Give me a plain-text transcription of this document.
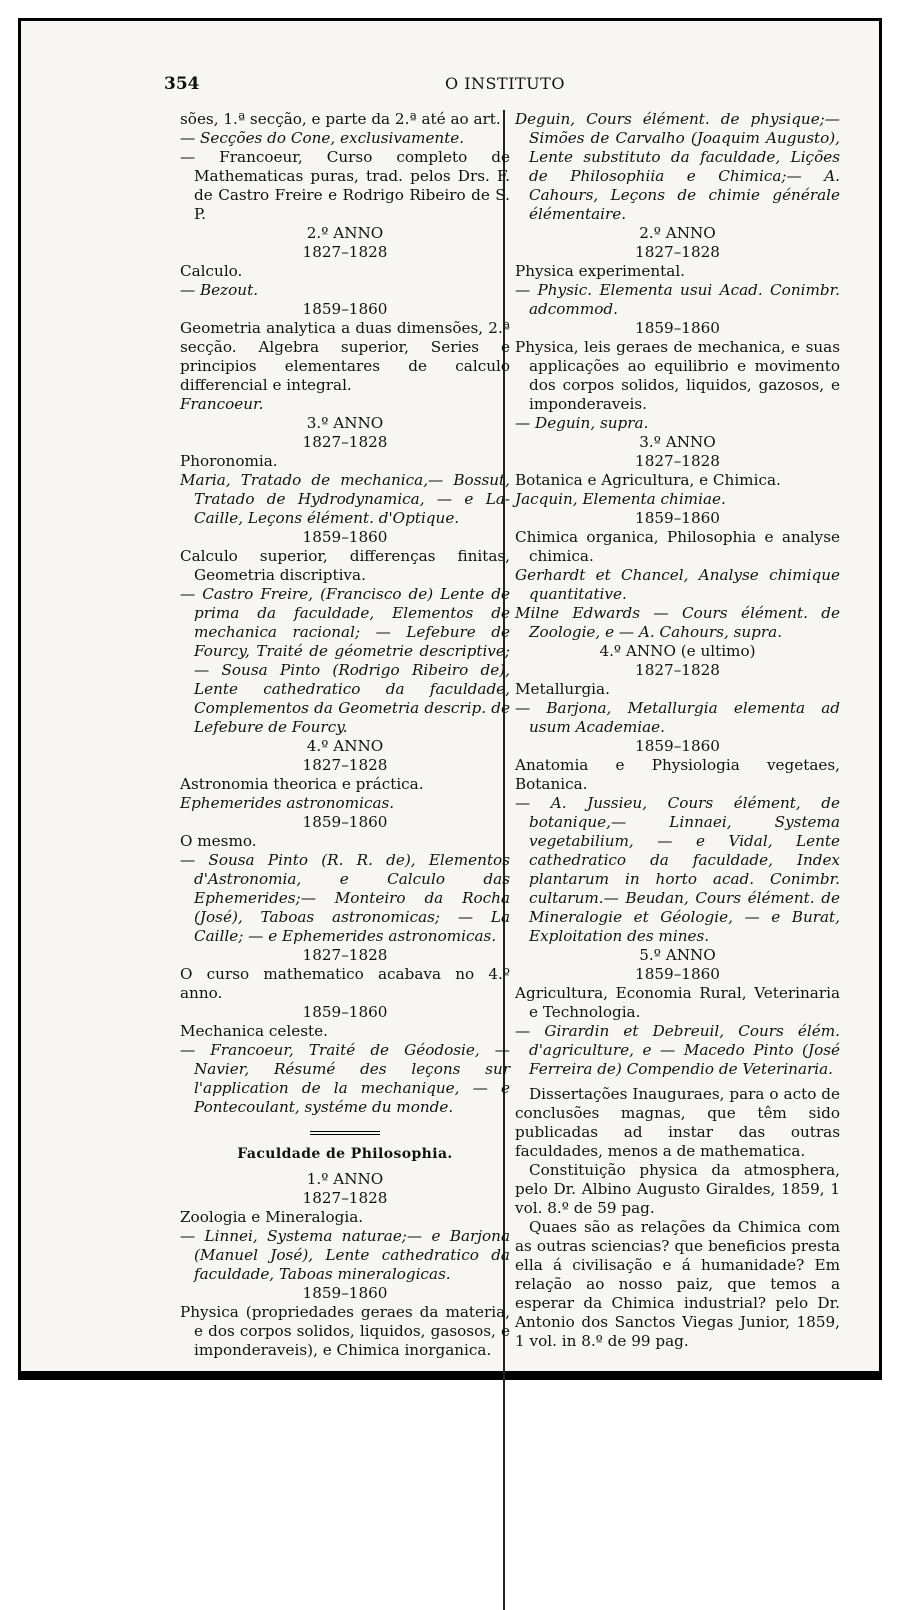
354	O INSTITUTO

sões, 1.ª secção, e parte da 2.ª até ao art.

— Secções do Cone, exclusivamente.

— Francoeur, Curso completo de Mathematicas puras, trad. pelos Drs. F. de Castro Freire e Rodrigo Ribeiro de S. P.

2.º ANNO

1827–1828

Calculo.

— Bezout.

1859–1860

Geometria analytica a duas dimensões, 2.ª secção. Algebra superior, Series e principios elementares de calculo differencial e integral.

Francoeur.

3.º ANNO

1827–1828

Phoronomia.

Maria, Tratado de mechanica,— Bossut, Tratado de Hydrodynamica, — e La-Caille, Leçons élément. d'Optique.

1859–1860

Calculo superior, differenças finitas, Geometria discriptiva.

— Castro Freire, (Francisco de) Lente de prima da faculdade, Elementos de mechanica racional; — Lefebure de Fourcy, Traité de géometrie descriptive; — Sousa Pinto (Rodrigo Ribeiro de), Lente cathedratico da faculdade, Complementos da Geometria descrip. de Lefebure de Fourcy.

4.º ANNO

1827–1828

Astronomia theorica e práctica.

Ephemerides astronomicas.

1859–1860

O mesmo.

— Sousa Pinto (R. R. de), Elementos d'Astronomia, e Calculo das Ephemerides;— Monteiro da Rocha (José), Taboas astronomicas; — La Caille; — e Ephemerides astronomicas.

1827–1828

O curso mathematico acabava no 4.º anno.

1859–1860

Mechanica celeste.

— Francoeur, Traité de Géodosie, — Navier, Résumé des leçons sur l'application de la mechanique, — e Pontecoulant, systéme du monde.

Faculdade de Philosophia.

1.º ANNO

1827–1828

Zoologia e Mineralogia.

— Linnei, Systema naturae;— e Barjona (Manuel José), Lente cathedratico da faculdade, Taboas mineralogicas.

1859–1860

Physica (propriedades geraes da materia, e dos corpos solidos, liquidos, gasosos, e imponderaveis), e Chimica inorganica.

Deguin, Cours élément. de physique;— Simões de Carvalho (Joaquim Augusto), Lente substituto da faculdade, Lições de Philosophiia e Chimica;— A. Cahours, Leçons de chimie générale élémentaire.

2.º ANNO

1827–1828

Physica experimental.

— Physic. Elementa usui Acad. Conimbr. adcommod.

1859–1860

Physica, leis geraes de mechanica, e suas applicações ao equilibrio e movimento dos corpos solidos, liquidos, gazosos, e imponderaveis.

— Deguin, supra.

3.º ANNO

1827–1828

Botanica e Agricultura, e Chimica.

Jacquin, Elementa chimiae.

1859–1860

Chimica organica, Philosophia e analyse chimica.

Gerhardt et Chancel, Analyse chimique quantitative.

Milne Edwards — Cours élément. de Zoologie, e — A. Cahours, supra.

4.º ANNO (e ultimo)

1827–1828

Metallurgia.

— Barjona, Metallurgia elementa ad usum Academiae.

1859–1860

Anatomia e Physiologia vegetaes, Botanica.

— A. Jussieu, Cours élément, de botanique,— Linnaei, Systema vegetabilium, — e Vidal, Lente cathedratico da faculdade, Index plantarum in horto acad. Conimbr. cultarum.— Beudan, Cours élément. de Mineralogie et Géologie, — e Burat, Exploitation des mines.

5.º ANNO

1859–1860

Agricultura, Economia Rural, Veterinaria e Technologia.

— Girardin et Debreuil, Cours élém. d'agriculture, e — Macedo Pinto (José Ferreira de) Compendio de Veterinaria.

Dissertações Inauguraes, para o acto de conclusões magnas, que têm sido publicadas ad instar das outras faculdades, menos a de mathematica.

Constituição physica da atmosphera, pelo Dr. Albino Augusto Giraldes, 1859, 1 vol. 8.º de 59 pag.

Quaes são as relações da Chimica com as outras sciencias? que beneficios presta ella á civilisação e á humanidade? Em relação ao nosso paiz, que temos a esperar da Chimica industrial? pelo Dr. Antonio dos Sanctos Viegas Junior, 1859, 1 vol. in 8.º de 99 pag.
